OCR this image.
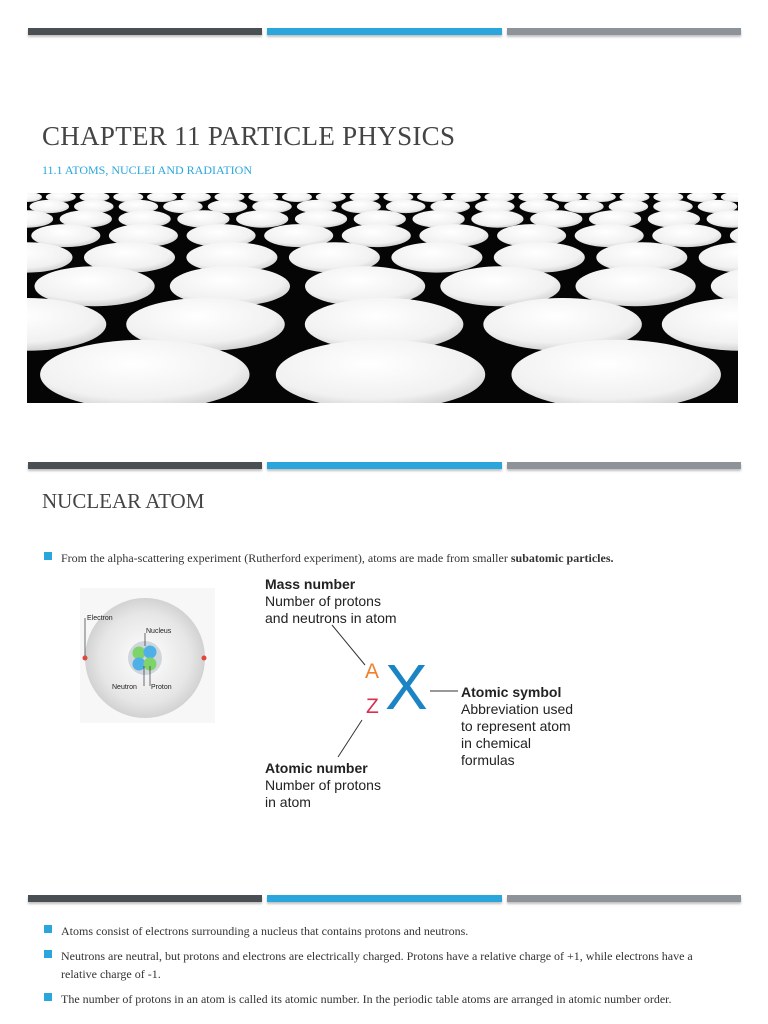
CHAPTER 11 PARTICLE PHYSICS

11.1 ATOMS, NUCLEI AND RADIATION

NUCLEAR ATOM
From the alpha-scattering experiment (Rutherford experiment), atoms are made from smaller subatomic particles.
Electron
Nucleus
Neutron Proton
Mass number
Number of protons
and neutrons in atom
A
Z X Atomic symbol
Abbreviation used
to represent atom
in chemical
formulas
Atomic number
Number of protons
in atom
Atoms consist of electrons surrounding a nucleus that contains protons and neutrons.
Neutrons are neutral, but protons and electrons are electrically charged. Protons have a relative charge of +1, while electrons have a relative charge of -1.
The number of protons in an atom is called its atomic number. In the periodic table atoms are arranged in atomic number order.
